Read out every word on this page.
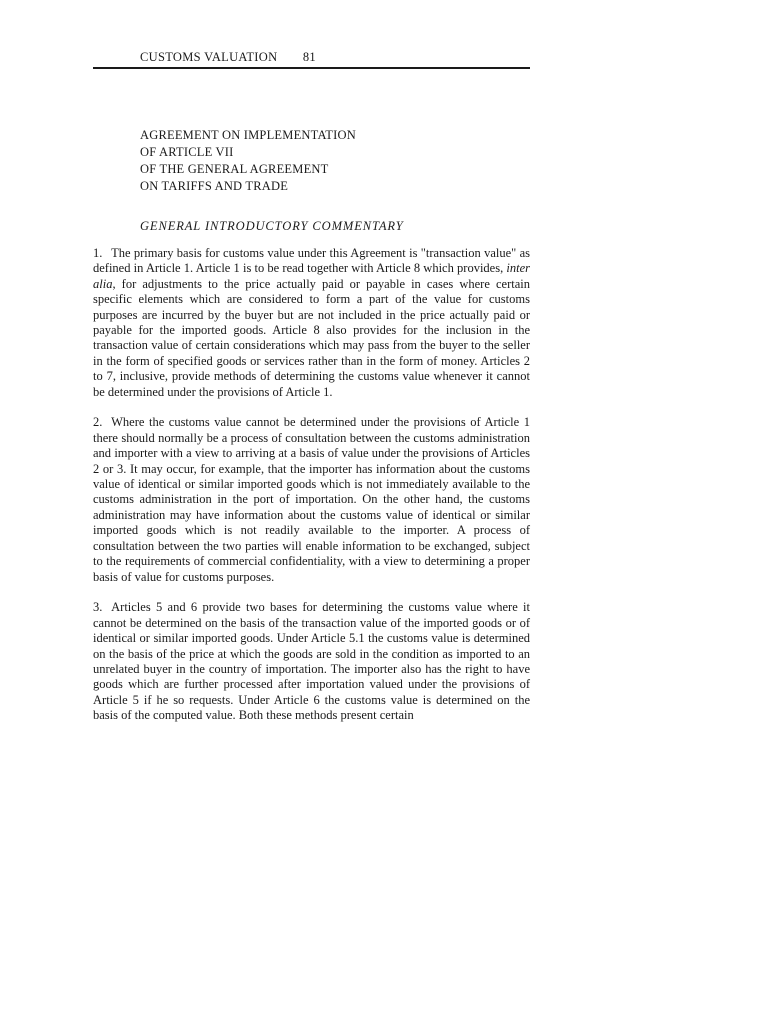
CUSTOMS VALUATION 81
AGREEMENT ON IMPLEMENTATION
OF ARTICLE VII
OF THE GENERAL AGREEMENT
ON TARIFFS AND TRADE
GENERAL INTRODUCTORY COMMENTARY

1. The primary basis for customs value under this Agreement is "transaction value" as defined in Article 1. Article 1 is to be read together with Article 8 which provides, inter alia, for adjustments to the price actually paid or payable in cases where certain specific elements which are considered to form a part of the value for customs purposes are incurred by the buyer but are not included in the price actually paid or payable for the imported goods. Article 8 also provides for the inclusion in the transaction value of certain considerations which may pass from the buyer to the seller in the form of specified goods or services rather than in the form of money. Articles 2 to 7, inclusive, provide methods of determining the customs value whenever it cannot be determined under the provisions of Article 1.

2. Where the customs value cannot be determined under the provisions of Article 1 there should normally be a process of consultation between the customs administration and importer with a view to arriving at a basis of value under the provisions of Articles 2 or 3. It may occur, for example, that the importer has information about the customs value of identical or similar imported goods which is not immediately available to the customs administration in the port of importation. On the other hand, the customs administration may have information about the customs value of identical or similar imported goods which is not readily available to the importer. A process of consultation between the two parties will enable information to be exchanged, subject to the requirements of commercial confidentiality, with a view to determining a proper basis of value for customs purposes.

3. Articles 5 and 6 provide two bases for determining the customs value where it cannot be determined on the basis of the transaction value of the imported goods or of identical or similar imported goods. Under Article 5.1 the customs value is determined on the basis of the price at which the goods are sold in the condition as imported to an unrelated buyer in the country of importation. The importer also has the right to have goods which are further processed after importation valued under the provisions of Article 5 if he so requests. Under Article 6 the customs value is determined on the basis of the computed value. Both these methods present certain
